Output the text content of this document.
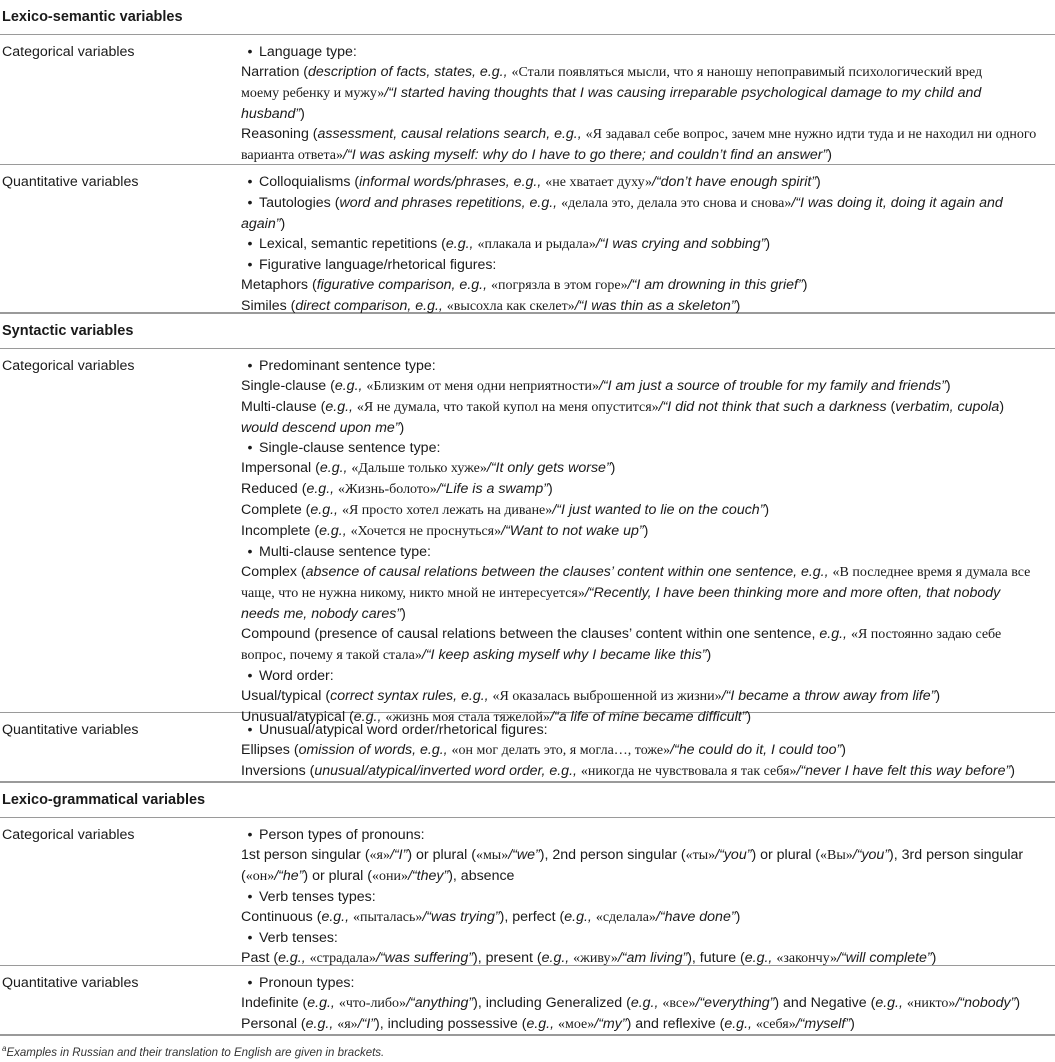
Lexico-semantic variables
Categorical variables	• Language type:
Narration (description of facts, states, e.g., «Стали появляться мысли, что я наношу непоправимый психологический вред
моему ребенку и мужу»/“I started having thoughts that I was causing irreparable psychological damage to my child and
husband”)
Reasoning (assessment, causal relations search, e.g., «Я задавал себе вопрос, зачем мне нужно идти туда и не находил ни одного
варианта ответа»/“I was asking myself: why do I have to go there; and couldn’t find an answer”)
Quantitative variables	• Colloquialisms (informal words/phrases, e.g., «не хватает духу»/“don’t have enough spirit”)
• Tautologies (word and phrases repetitions, e.g., «делала это, делала это снова и снова»/“I was doing it, doing it again and
again”)
• Lexical, semantic repetitions (e.g., «плакала и рыдала»/“I was crying and sobbing”)
• Figurative language/rhetorical figures:
Metaphors (figurative comparison, e.g., «погрязла в этом горе»/“I am drowning in this grief”)
Similes (direct comparison, e.g., «высохла как скелет»/“I was thin as a skeleton”)
Syntactic variables
Categorical variables	• Predominant sentence type:
Single-clause (e.g., «Близким от меня одни неприятности»/“I am just a source of trouble for my family and friends”)
Multi-clause (e.g., «Я не думала, что такой купол на меня опустится»/“I did not think that such a darkness (verbatim, cupola)
would descend upon me”)
• Single-clause sentence type:
Impersonal (e.g., «Дальше только хуже»/“It only gets worse”)
Reduced (e.g., «Жизнь-болото»/“Life is a swamp”)
Complete (e.g., «Я просто хотел лежать на диване»/“I just wanted to lie on the couch”)
Incomplete (e.g., «Хочется не проснуться»/“Want to not wake up”)
• Multi-clause sentence type:
Complex (absence of causal relations between the clauses’ content within one sentence, e.g., «В последнее время я думала все
чаще, что не нужна никому, никто мной не интересуется»/“Recently, I have been thinking more and more often, that nobody
needs me, nobody cares”)
Compound (presence of causal relations between the clauses’ content within one sentence, e.g., «Я постоянно задаю себе
вопрос, почему я такой стала»/“I keep asking myself why I became like this”)
• Word order:
Usual/typical (correct syntax rules, e.g., «Я оказалась выброшенной из жизни»/“I became a throw away from life”)
Unusual/atypical (e.g., «жизнь моя стала тяжелой»/“a life of mine became difficult”)
Quantitative variables	• Unusual/atypical word order/rhetorical figures:
Ellipses (omission of words, e.g., «он мог делать это, я могла…, тоже»/“he could do it, I could too”)
Inversions (unusual/atypical/inverted word order, e.g., «никогда не чувствовала я так себя»/“never I have felt this way before”)
Lexico-grammatical variables
Categorical variables	• Person types of pronouns:
1st person singular («я»/“I”) or plural («мы»/“we”), 2nd person singular («ты»/“you”) or plural («Вы»/“you”), 3rd person singular
(«он»/“he”) or plural («они»/“they”), absence
• Verb tenses types:
Continuous (e.g., «пыталась»/“was trying”), perfect (e.g., «сделала»/“have done”)
• Verb tenses:
Past (e.g., «страдала»/“was suffering”), present (e.g., «живу»/“am living”), future (e.g., «закончу»/“will complete”)
Quantitative variables	• Pronoun types:
Indefinite (e.g., «что-либо»/“anything”), including Generalized (e.g., «все»/“everything”) and Negative (e.g., «никто»/“nobody”)
Personal (e.g., «я»/“I”), including possessive (e.g., «мое»/“my”) and reflexive (e.g., «себя»/“myself”)
$^a$Examples in Russian and their translation to English are given in brackets.
